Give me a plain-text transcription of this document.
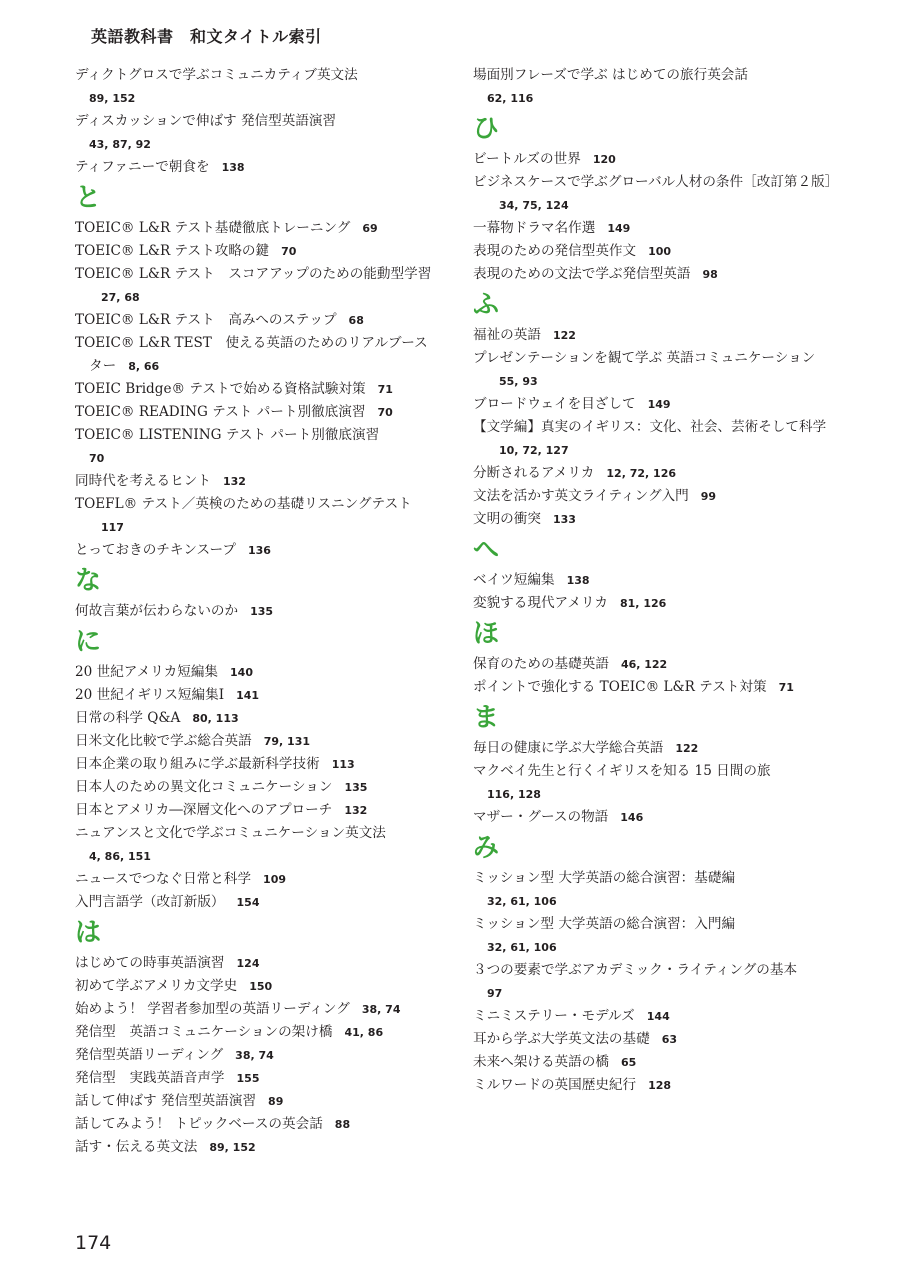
英語教科書　和文タイトル索引
ディクトグロスで学ぶコミュニカティブ英文法
89, 152
ディスカッションで伸ばす 発信型英語演習
43, 87, 92
ティファニーで朝食を 138
と
TOEIC® L&R テスト基礎徹底トレーニング 69
TOEIC® L&R テスト攻略の鍵 70
TOEIC® L&R テスト　スコアアップのための能動型学習27, 68
TOEIC® L&R テスト　高みへのステップ 68
TOEIC® L&R TEST　使える英語のためのリアルブースター 8, 66
TOEIC Bridge® テストで始める資格試験対策 71
TOEIC® READING テスト パート別徹底演習 70
TOEIC® LISTENING テスト パート別徹底演習
70
同時代を考えるヒント 132
TOEFL® テスト／英検のための基礎リスニングテスト117
とっておきのチキンスープ 136
な
何故言葉が伝わらないのか 135
に
20 世紀アメリカ短編集 140
20 世紀イギリス短編集Ⅰ 141
日常の科学 Q&A 80, 113
日米文化比較で学ぶ総合英語 79, 131
日本企業の取り組みに学ぶ最新科学技術 113
日本人のための異文化コミュニケーション 135
日本とアメリカ―深層文化へのアプローチ 132
ニュアンスと文化で学ぶコミュニケーション英文法
4, 86, 151
ニュースでつなぐ日常と科学 109
入門言語学（改訂新版） 154
は
はじめての時事英語演習 124
初めて学ぶアメリカ文学史 150
始めよう！ 学習者参加型の英語リーディング 38, 74
発信型　英語コミュニケーションの架け橋 41, 86
発信型英語リーディング 38, 74
発信型　実践英語音声学 155
話して伸ばす 発信型英語演習 89
話してみよう！ トピックベースの英会話 88
話す・伝える英文法 89, 152
場面別フレーズで学ぶ はじめての旅行英会話
62, 116
ひ
ビートルズの世界 120
ビジネスケースで学ぶグローバル人材の条件［改訂第２版］34, 75, 124
一幕物ドラマ名作選 149
表現のための発信型英作文 100
表現のための文法で学ぶ発信型英語 98
ふ
福祉の英語 122
プレゼンテーションを観て学ぶ 英語コミュニケーション55, 93
ブロードウェイを目ざして 149
【文学編】真実のイギリス：文化、社会、芸術そして科学10, 72, 127
分断されるアメリカ 12, 72, 126
文法を活かす英文ライティング入門 99
文明の衝突 133
へ
ベイツ短編集 138
変貌する現代アメリカ 81, 126
ほ
保育のための基礎英語 46, 122
ポイントで強化する TOEIC® L&R テスト対策 71
ま
毎日の健康に学ぶ大学総合英語 122
マクベイ先生と行くイギリスを知る 15 日間の旅
116, 128
マザー・グースの物語 146
み
ミッション型 大学英語の総合演習：基礎編
32, 61, 106
ミッション型 大学英語の総合演習：入門編
32, 61, 106
３つの要素で学ぶアカデミック・ライティングの基本
97
ミニミステリー・モデルズ 144
耳から学ぶ大学英文法の基礎 63
未来へ架ける英語の橋 65
ミルワードの英国歴史紀行 128
174
